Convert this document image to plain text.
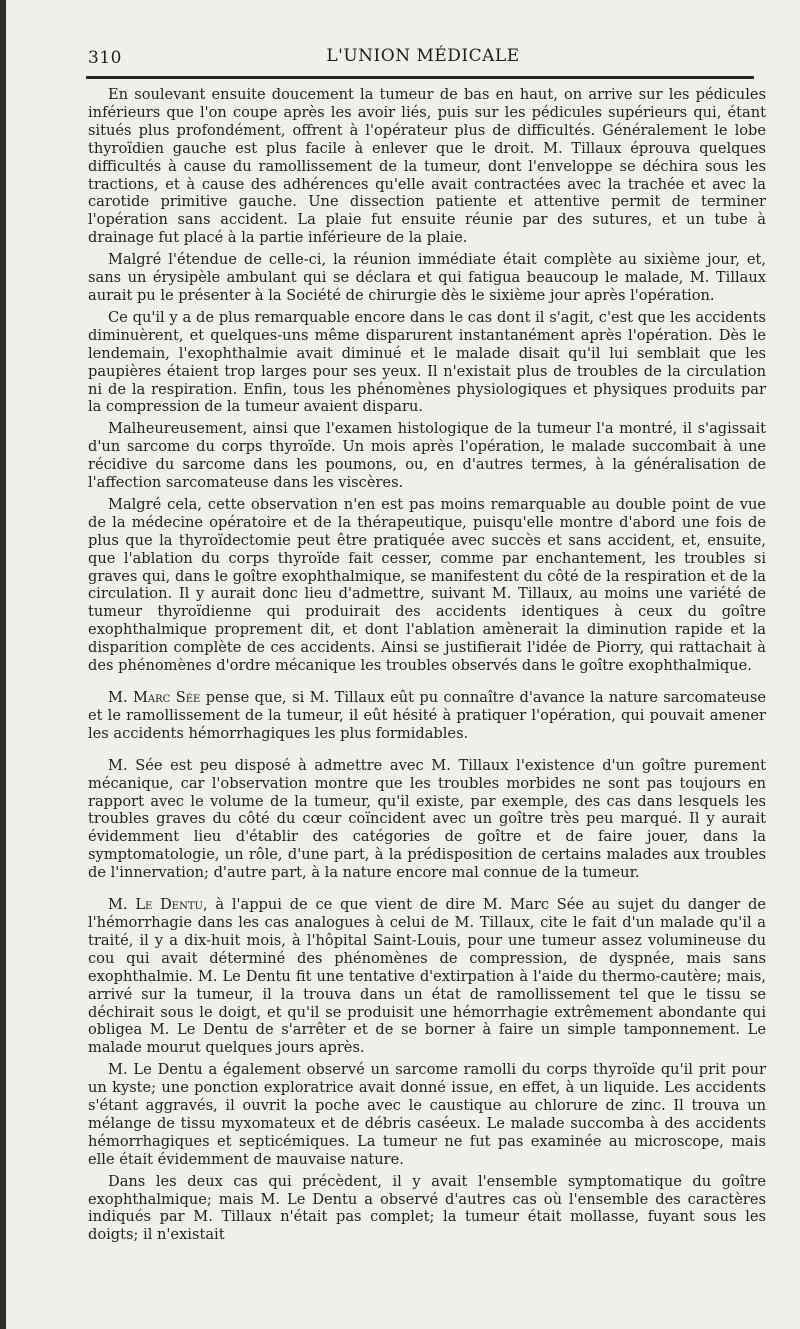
310	L'UNION MÉDICALE

En soulevant ensuite doucement la tumeur de bas en haut, on arrive sur les pédicules inférieurs que l'on coupe après les avoir liés, puis sur les pédicules supérieurs qui, étant situés plus profondément, offrent à l'opérateur plus de difficultés. Généralement le lobe thyroïdien gauche est plus facile à enlever que le droit. M. Tillaux éprouva quelques difficultés à cause du ramollissement de la tumeur, dont l'enveloppe se déchira sous les tractions, et à cause des adhérences qu'elle avait contractées avec la trachée et avec la carotide primitive gauche. Une dissection patiente et attentive permit de terminer l'opération sans accident. La plaie fut ensuite réunie par des sutures, et un tube à drainage fut placé à la partie inférieure de la plaie.

Malgré l'étendue de celle-ci, la réunion immédiate était complète au sixième jour, et, sans un érysipèle ambulant qui se déclara et qui fatigua beaucoup le malade, M. Tillaux aurait pu le présenter à la Société de chirurgie dès le sixième jour après l'opération.

Ce qu'il y a de plus remarquable encore dans le cas dont il s'agit, c'est que les accidents diminuèrent, et quelques-uns même disparurent instantanément après l'opération. Dès le lendemain, l'exophthalmie avait diminué et le malade disait qu'il lui semblait que les paupières étaient trop larges pour ses yeux. Il n'existait plus de troubles de la circulation ni de la respiration. Enfin, tous les phénomènes physiologiques et physiques produits par la compression de la tumeur avaient disparu.

Malheureusement, ainsi que l'examen histologique de la tumeur l'a montré, il s'agissait d'un sarcome du corps thyroïde. Un mois après l'opération, le malade succombait à une récidive du sarcome dans les poumons, ou, en d'autres termes, à la généralisation de l'affection sarcomateuse dans les viscères.

Malgré cela, cette observation n'en est pas moins remarquable au double point de vue de la médecine opératoire et de la thérapeutique, puisqu'elle montre d'abord une fois de plus que la thyroïdectomie peut être pratiquée avec succès et sans accident, et, ensuite, que l'ablation du corps thyroïde fait cesser, comme par enchantement, les troubles si graves qui, dans le goître exophthalmique, se manifestent du côté de la respiration et de la circulation. Il y aurait donc lieu d'admettre, suivant M. Tillaux, au moins une variété de tumeur thyroïdienne qui produirait des accidents identiques à ceux du goître exophthalmique proprement dit, et dont l'ablation amènerait la diminution rapide et la disparition complète de ces accidents. Ainsi se justifierait l'idée de Piorry, qui rattachait à des phénomènes d'ordre mécanique les troubles observés dans le goître exophthalmique.

M. Marc Sée pense que, si M. Tillaux eût pu connaître d'avance la nature sarcomateuse et le ramollissement de la tumeur, il eût hésité à pratiquer l'opération, qui pouvait amener les accidents hémorrhagiques les plus formidables.

M. Sée est peu disposé à admettre avec M. Tillaux l'existence d'un goître purement mécanique, car l'observation montre que les troubles morbides ne sont pas toujours en rapport avec le volume de la tumeur, qu'il existe, par exemple, des cas dans lesquels les troubles graves du côté du cœur coïncident avec un goître très peu marqué. Il y aurait évidemment lieu d'établir des catégories de goître et de faire jouer, dans la symptomatologie, un rôle, d'une part, à la prédisposition de certains malades aux troubles de l'innervation; d'autre part, à la nature encore mal connue de la tumeur.

M. Le Dentu, à l'appui de ce que vient de dire M. Marc Sée au sujet du danger de l'hémorrhagie dans les cas analogues à celui de M. Tillaux, cite le fait d'un malade qu'il a traité, il y a dix-huit mois, à l'hôpital Saint-Louis, pour une tumeur assez volumineuse du cou qui avait déterminé des phénomènes de compression, de dyspnée, mais sans exophthalmie. M. Le Dentu fit une tentative d'extirpation à l'aide du thermo-cautère; mais, arrivé sur la tumeur, il la trouva dans un état de ramollissement tel que le tissu se déchirait sous le doigt, et qu'il se produisit une hémorrhagie extrêmement abondante qui obligea M. Le Dentu de s'arrêter et de se borner à faire un simple tamponnement. Le malade mourut quelques jours après.

M. Le Dentu a également observé un sarcome ramolli du corps thyroïde qu'il prit pour un kyste; une ponction exploratrice avait donné issue, en effet, à un liquide. Les accidents s'étant aggravés, il ouvrit la poche avec le caustique au chlorure de zinc. Il trouva un mélange de tissu myxomateux et de débris caséeux. Le malade succomba à des accidents hémorrhagiques et septicémiques. La tumeur ne fut pas examinée au microscope, mais elle était évidemment de mauvaise nature.

Dans les deux cas qui précèdent, il y avait l'ensemble symptomatique du goître exophthalmique; mais M. Le Dentu a observé d'autres cas où l'ensemble des caractères indiqués par M. Tillaux n'était pas complet; la tumeur était mollasse, fuyant sous les doigts; il n'existait
